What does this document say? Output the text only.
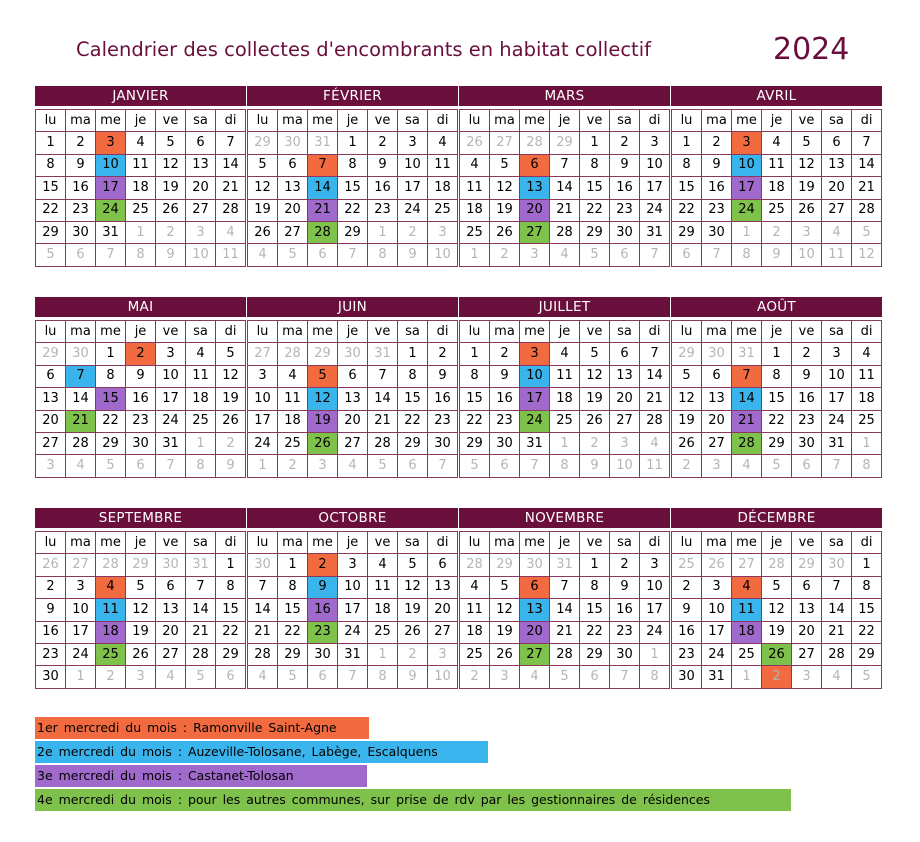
Calendrier des collectes d'encombrants en habitat collectif	2024
JANVIER
lu	ma	me	je	ve	sa	di
1	2	3	4	5	6	7
8	9	10	11	12	13	14
15	16	17	18	19	20	21
22	23	24	25	26	27	28
29	30	31	1	2	3	4
5	6	7	8	9	10	11
FÉVRIER
lu	ma	me	je	ve	sa	di
29	30	31	1	2	3	4
5	6	7	8	9	10	11
12	13	14	15	16	17	18
19	20	21	22	23	24	25
26	27	28	29	1	2	3
4	5	6	7	8	9	10
MARS
lu	ma	me	je	ve	sa	di
26	27	28	29	1	2	3
4	5	6	7	8	9	10
11	12	13	14	15	16	17
18	19	20	21	22	23	24
25	26	27	28	29	30	31
1	2	3	4	5	6	7
AVRIL
lu	ma	me	je	ve	sa	di
1	2	3	4	5	6	7
8	9	10	11	12	13	14
15	16	17	18	19	20	21
22	23	24	25	26	27	28
29	30	1	2	3	4	5
6	7	8	9	10	11	12
MAI
lu	ma	me	je	ve	sa	di
29	30	1	2	3	4	5
6	7	8	9	10	11	12
13	14	15	16	17	18	19
20	21	22	23	24	25	26
27	28	29	30	31	1	2
3	4	5	6	7	8	9
JUIN
lu	ma	me	je	ve	sa	di
27	28	29	30	31	1	2
3	4	5	6	7	8	9
10	11	12	13	14	15	16
17	18	19	20	21	22	23
24	25	26	27	28	29	30
1	2	3	4	5	6	7
JUILLET
lu	ma	me	je	ve	sa	di
1	2	3	4	5	6	7
8	9	10	11	12	13	14
15	16	17	18	19	20	21
22	23	24	25	26	27	28
29	30	31	1	2	3	4
5	6	7	8	9	10	11
AOÛT
lu	ma	me	je	ve	sa	di
29	30	31	1	2	3	4
5	6	7	8	9	10	11
12	13	14	15	16	17	18
19	20	21	22	23	24	25
26	27	28	29	30	31	1
2	3	4	5	6	7	8
SEPTEMBRE
lu	ma	me	je	ve	sa	di
26	27	28	29	30	31	1
2	3	4	5	6	7	8
9	10	11	12	13	14	15
16	17	18	19	20	21	22
23	24	25	26	27	28	29
30	1	2	3	4	5	6
OCTOBRE
lu	ma	me	je	ve	sa	di
30	1	2	3	4	5	6
7	8	9	10	11	12	13
14	15	16	17	18	19	20
21	22	23	24	25	26	27
28	29	30	31	1	2	3
4	5	6	7	8	9	10
NOVEMBRE
lu	ma	me	je	ve	sa	di
28	29	30	31	1	2	3
4	5	6	7	8	9	10
11	12	13	14	15	16	17
18	19	20	21	22	23	24
25	26	27	28	29	30	1
2	3	4	5	6	7	8
DÉCEMBRE
lu	ma	me	je	ve	sa	di
25	26	27	28	29	30	1
2	3	4	5	6	7	8
9	10	11	12	13	14	15
16	17	18	19	20	21	22
23	24	25	26	27	28	29
30	31	1	2	3	4	5
1er mercredi du mois : Ramonville Saint-Agne
2e mercredi du mois : Auzeville-Tolosane, Labège, Escalquens
3e mercredi du mois : Castanet-Tolosan
4e mercredi du mois : pour les autres communes, sur prise de rdv par les gestionnaires de résidences
